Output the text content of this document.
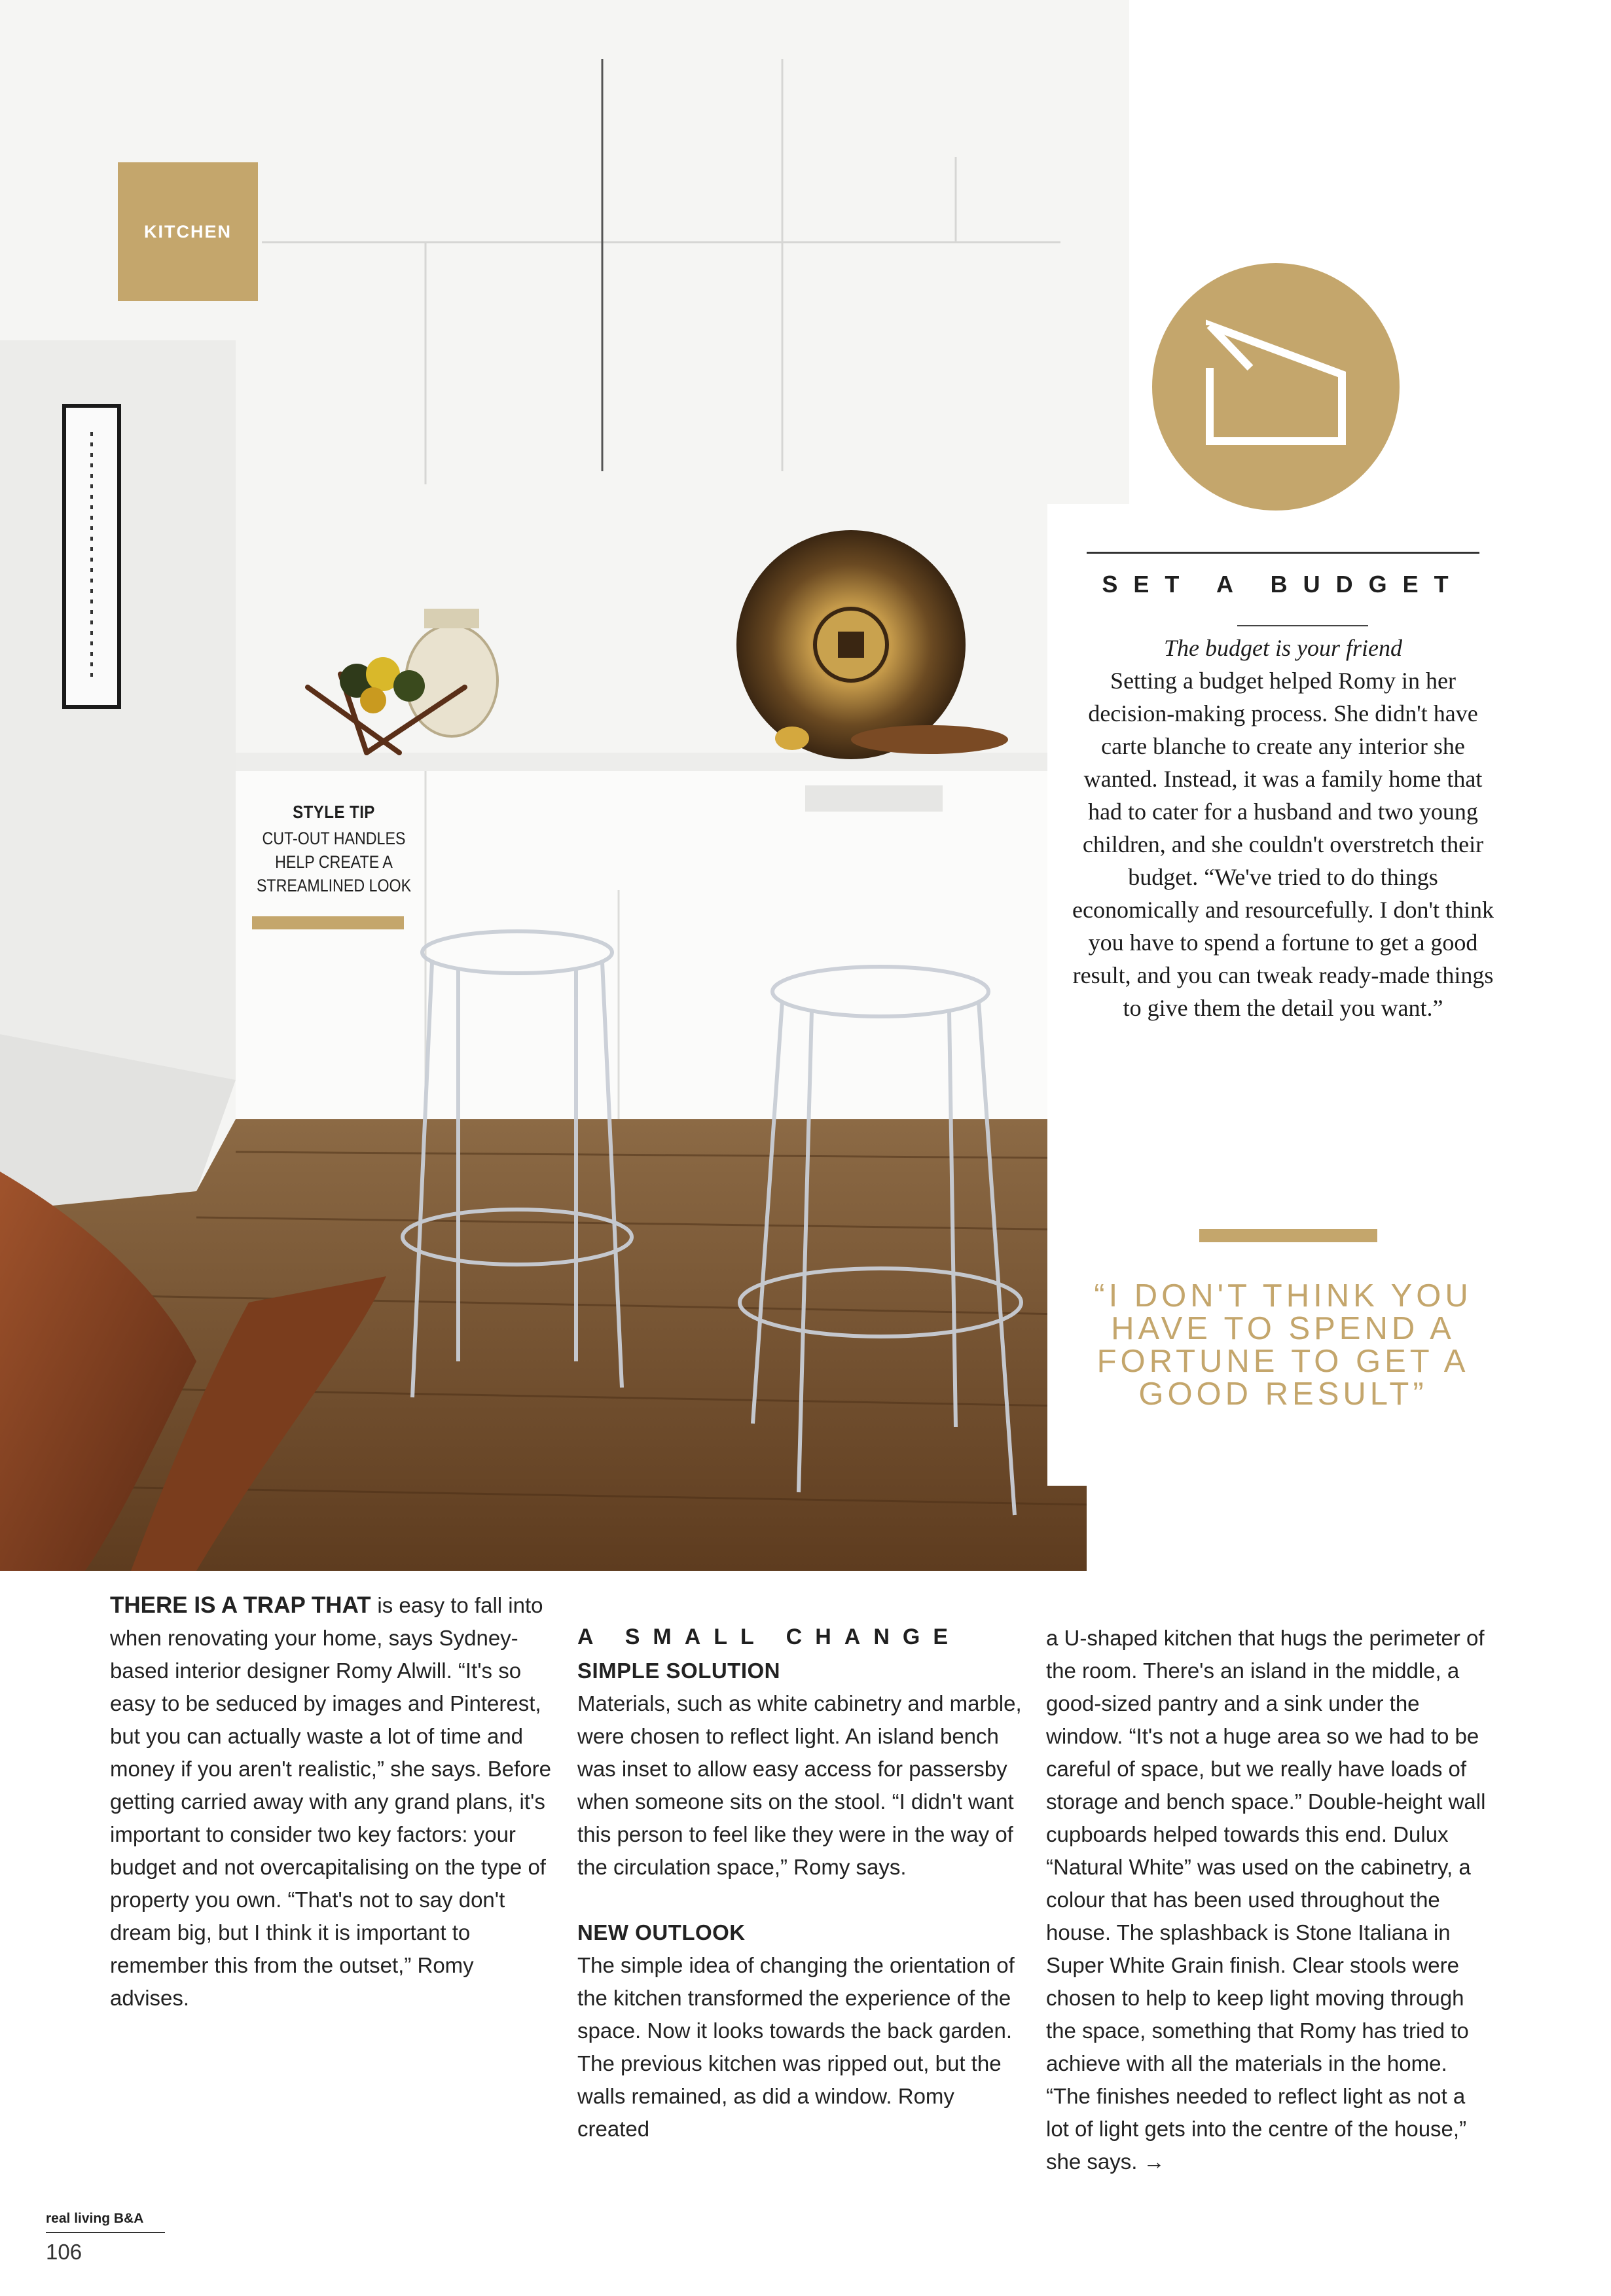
KITCHEN
STYLE TIP
CUT-OUT HANDLES HELP CREATE A STREAMLINED LOOK
SET A BUDGET
The budget is your friend
Setting a budget helped Romy in her decision-making process. She didn't have carte blanche to create any interior she wanted. Instead, it was a family home that had to cater for a husband and two young children, and she couldn't overstretch their budget. “We've tried to do things economically and resourcefully. I don't think you have to spend a fortune to get a good result, and you can tweak ready-made things to give them the detail you want.”
“I DON'T THINK YOU HAVE TO SPEND A FORTUNE TO GET A GOOD RESULT”
THERE IS A TRAP THAT is easy to fall into when renovating your home, says Sydney-based interior designer Romy Alwill. “It's so easy to be seduced by images and Pinterest, but you can actually waste a lot of time and money if you aren't realistic,” she says. Before getting carried away with any grand plans, it's important to consider two key factors: your budget and not overcapitalising on the type of property you own. “That's not to say don't dream big, but I think it is important to remember this from the outset,” Romy advises.
A SMALL CHANGE
SIMPLE SOLUTION
Materials, such as white cabinetry and marble, were chosen to reflect light. An island bench was inset to allow easy access for passersby when someone sits on the stool. “I didn't want this person to feel like they were in the way of the circulation space,” Romy says.
NEW OUTLOOK
The simple idea of changing the orientation of the kitchen transformed the experience of the space. Now it looks towards the back garden. The previous kitchen was ripped out, but the walls remained, as did a window. Romy created
a U-shaped kitchen that hugs the perimeter of the room. There's an island in the middle, a good-sized pantry and a sink under the window. “It's not a huge area so we had to be careful of space, but we really have loads of storage and bench space.” Double-height wall cupboards helped towards this end. Dulux “Natural White” was used on the cabinetry, a colour that has been used throughout the house. The splashback is Stone Italiana in Super White Grain finish. Clear stools were chosen to help to keep light moving through the space, something that Romy has tried to achieve with all the materials in the home. “The finishes needed to reflect light as not a lot of light gets into the centre of the house,” she says. →
real living B&A
106
